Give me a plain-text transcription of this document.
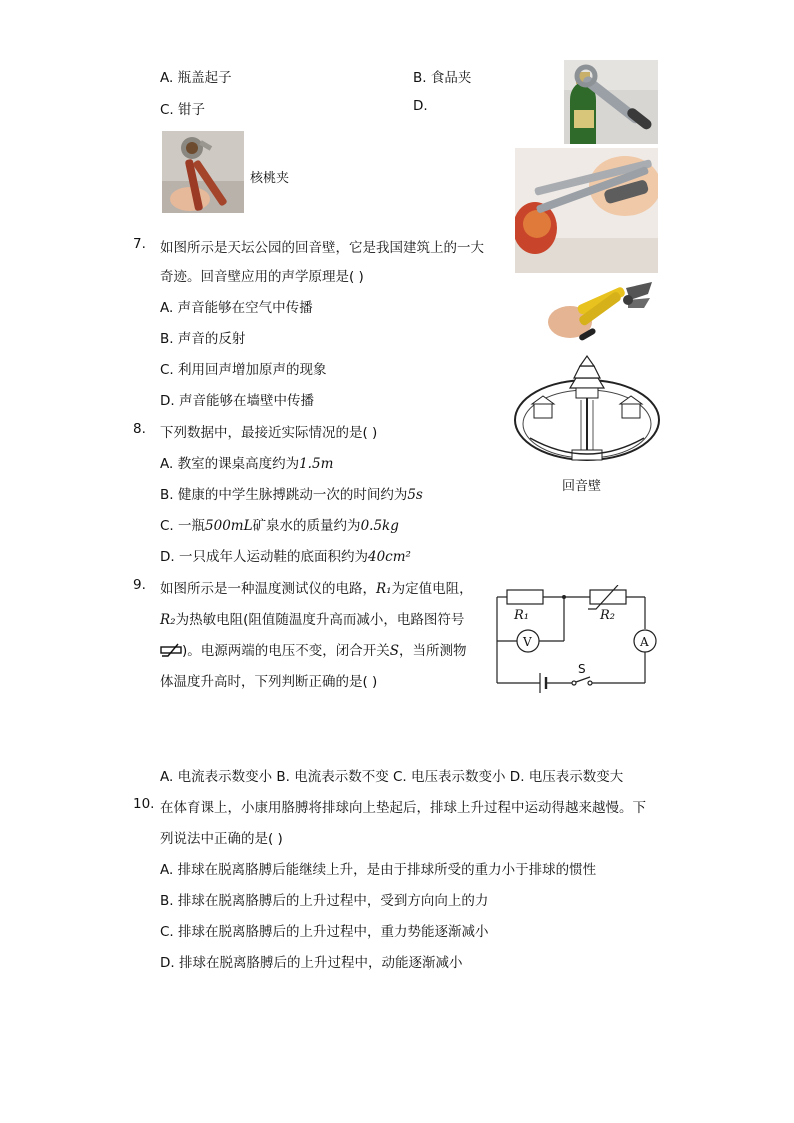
A. 瓶盖起子	B. 食品夹
C. 钳子	D.
核桃夹
回音壁
7. 如图所示是天坛公园的回音壁，它是我国建筑上的一大
奇迹。回音壁应用的声学原理是( )
A. 声音能够在空气中传播
B. 声音的反射
C. 利用回声增加原声的现象
D. 声音能够在墙壁中传播
8. 下列数据中，最接近实际情况的是( )
A. 教室的课桌高度约为1.5m
B. 健康的中学生脉搏跳动一次的时间约为5s
C. 一瓶500mL矿泉水的质量约为0.5kg
D. 一只成年人运动鞋的底面积约为40cm²
9. 如图所示是一种温度测试仪的电路，R₁为定值电阻，
R₂为热敏电阻(阻值随温度升高而减小，电路图符号
)。电源两端的电压不变，闭合开关S，当所测物
体温度升高时，下列判断正确的是( )
R₁	R₂
V	A
S
A. 电流表示数变小 B. 电流表示数不变 C. 电压表示数变小 D. 电压表示数变大
10. 在体育课上，小康用胳膊将排球向上垫起后，排球上升过程中运动得越来越慢。下
列说法中正确的是( )
A. 排球在脱离胳膊后能继续上升，是由于排球所受的重力小于排球的惯性
B. 排球在脱离胳膊后的上升过程中，受到方向向上的力
C. 排球在脱离胳膊后的上升过程中，重力势能逐渐减小
D. 排球在脱离胳膊后的上升过程中，动能逐渐减小
